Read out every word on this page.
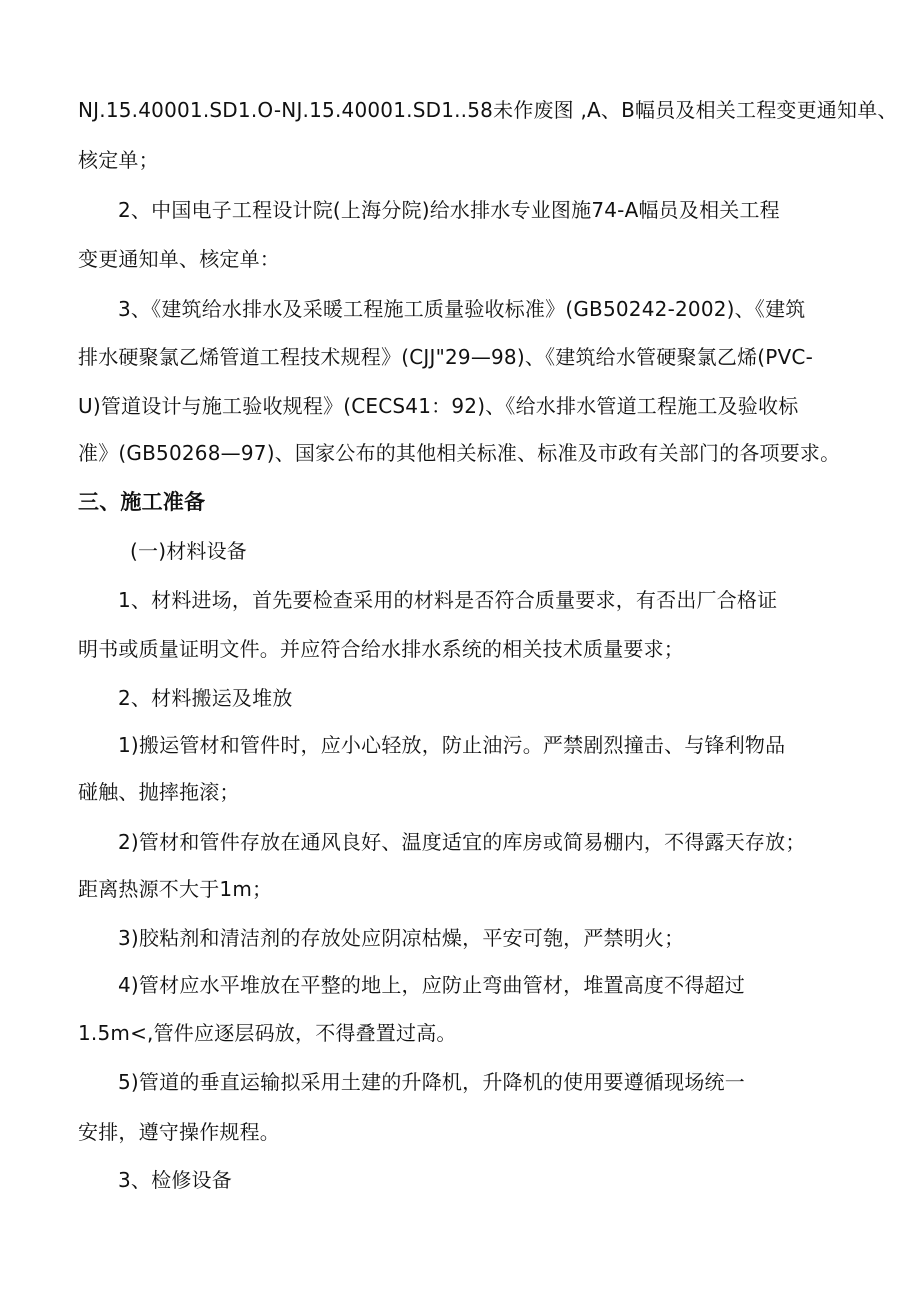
NJ.15.40001.SD1.O-NJ.15.40001.SD1..58未作废图 ,A、B幅员及相关工程变更通知单、
核定单；
2、中国电子工程设计院(上海分院)给水排水专业图施74-A幅员及相关工程
变更通知单、核定单：
3、《建筑给水排水及采暖工程施工质量验收标准》(GB50242-2002)、《建筑
排水硬聚氯乙烯管道工程技术规程》(CJJ"29—98)、《建筑给水管硬聚氯乙烯(PVC-
U)管道设计与施工验收规程》(CECS41：92)、《给水排水管道工程施工及验收标
准》(GB50268—97)、国家公布的其他相关标准、标准及市政有关部门的各项要求。
三、施工准备
(一)材料设备
1、材料进场，首先要检查采用的材料是否符合质量要求，有否出厂合格证
明书或质量证明文件。并应符合给水排水系统的相关技术质量要求；
2、材料搬运及堆放
1)搬运管材和管件时，应小心轻放，防止油污。严禁剧烈撞击、与锋利物品
碰触、抛摔拖滚；
2)管材和管件存放在通风良好、温度适宜的库房或简易棚内，不得露天存放；
距离热源不大于1m；
3)胶粘剂和清洁剂的存放处应阴凉枯燥，平安可匏，严禁明火；
4)管材应水平堆放在平整的地上，应防止弯曲管材，堆置高度不得超过
1.5m<,管件应逐层码放，不得叠置过高。
5)管道的垂直运输拟采用土建的升降机，升降机的使用要遵循现场统一
安排，遵守操作规程。
3、检修设备
